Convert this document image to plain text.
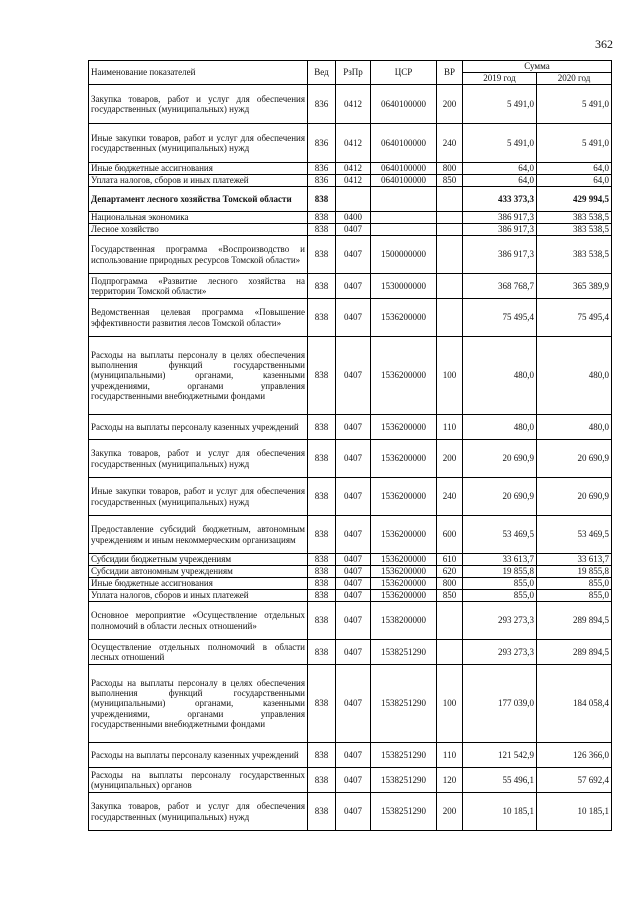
362
Наименование показателей	Вед	РзПр	ЦСР	ВР	Сумма	
					2019 год	2020 год
Закупка товаров, работ и услуг для обеспечения государственных (муниципальных) нужд	836	0412	0640100000	200	5 491,0	5 491,0
Иные закупки товаров, работ и услуг для обеспечения государственных (муниципальных) нужд	836	0412	0640100000	240	5 491,0	5 491,0
Иные бюджетные ассигнования	836	0412	0640100000	800	64,0	64,0
Уплата налогов, сборов и иных платежей	836	0412	0640100000	850	64,0	64,0
Департамент лесного хозяйства Томской области	838				433 373,3	429 994,5
Национальная экономика	838	0400			386 917,3	383 538,5
Лесное хозяйство	838	0407			386 917,3	383 538,5
Государственная программа «Воспроизводство и использование природных ресурсов Томской области»	838	0407	1500000000		386 917,3	383 538,5
Подпрограмма «Развитие лесного хозяйства на территории Томской области»	838	0407	1530000000		368 768,7	365 389,9
Ведомственная целевая программа «Повышение эффективности развития лесов Томской области»	838	0407	1536200000		75 495,4	75 495,4
Расходы на выплаты персоналу в целях обеспечения выполнения функций государственными (муниципальными) органами, казенными учреждениями, органами управления государственными внебюджетными фондами	838	0407	1536200000	100	480,0	480,0
Расходы на выплаты персоналу казенных учреждений	838	0407	1536200000	110	480,0	480,0
Закупка товаров, работ и услуг для обеспечения государственных (муниципальных) нужд	838	0407	1536200000	200	20 690,9	20 690,9
Иные закупки товаров, работ и услуг для обеспечения государственных (муниципальных) нужд	838	0407	1536200000	240	20 690,9	20 690,9
Предоставление субсидий бюджетным, автономным учреждениям и иным некоммерческим организациям	838	0407	1536200000	600	53 469,5	53 469,5
Субсидии бюджетным учреждениям	838	0407	1536200000	610	33 613,7	33 613,7
Субсидии автономным учреждениям	838	0407	1536200000	620	19 855,8	19 855,8
Иные бюджетные ассигнования	838	0407	1536200000	800	855,0	855,0
Уплата налогов, сборов и иных платежей	838	0407	1536200000	850	855,0	855,0
Основное мероприятие «Осуществление отдельных полномочий в области лесных отношений»	838	0407	1538200000		293 273,3	289 894,5
Осуществление отдельных полномочий в области лесных отношений	838	0407	1538251290		293 273,3	289 894,5
Расходы на выплаты персоналу в целях обеспечения выполнения функций государственными (муниципальными) органами, казенными учреждениями, органами управления государственными внебюджетными фондами	838	0407	1538251290	100	177 039,0	184 058,4
Расходы на выплаты персоналу казенных учреждений	838	0407	1538251290	110	121 542,9	126 366,0
Расходы на выплаты персоналу государственных (муниципальных) органов	838	0407	1538251290	120	55 496,1	57 692,4
Закупка товаров, работ и услуг для обеспечения государственных (муниципальных) нужд	838	0407	1538251290	200	10 185,1	10 185,1
